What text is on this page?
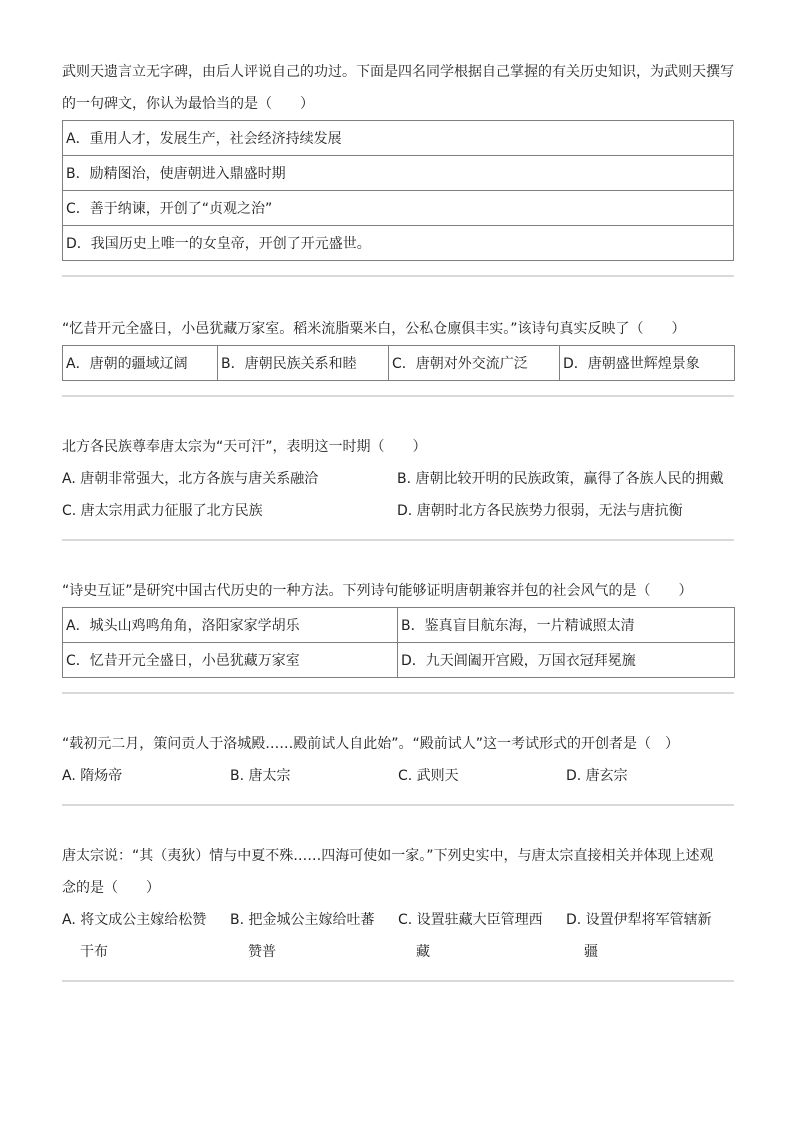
武则天遗言立无字碑，由后人评说自己的功过。下面是四名同学根据自己掌握的有关历史知识，为武则天撰写
的一句碑文，你认为最恰当的是（　　）

A．重用人才，发展生产，社会经济持续发展
B．励精图治，使唐朝进入鼎盛时期
C．善于纳谏，开创了“贞观之治”
D．我国历史上唯一的女皇帝，开创了开元盛世。

“忆昔开元全盛日，小邑犹藏万家室。稻米流脂粟米白，公私仓廪俱丰实。”该诗句真实反映了（　　）

A．唐朝的疆域辽阔	B．唐朝民族关系和睦	C．唐朝对外交流广泛	D．唐朝盛世辉煌景象

北方各民族尊奉唐太宗为“天可汗”，表明这一时期（　　）

A. 唐朝非常强大，北方各族与唐关系融洽	B. 唐朝比较开明的民族政策，赢得了各族人民的拥戴
C. 唐太宗用武力征服了北方民族	D. 唐朝时北方各民族势力很弱，无法与唐抗衡

“诗史互证”是研究中国古代历史的一种方法。下列诗句能够证明唐朝兼容并包的社会风气的是（　　）

A．城头山鸡鸣角角，洛阳家家学胡乐	B．鉴真盲目航东海，一片精诚照太清
C．忆昔开元全盛日，小邑犹藏万家室	D．九天阊阖开宫殿，万国衣冠拜冕旒

“载初元二月，策问贡人于洛城殿……殿前试人自此始”。“殿前试人”这一考试形式的开创者是（　）

A. 隋炀帝	B. 唐太宗	C. 武则天	D. 唐玄宗

唐太宗说：“其（夷狄）情与中夏不殊……四海可使如一家。”下列史实中，与唐太宗直接相关并体现上述观
念的是（　　）

A. 将文成公主嫁给松赞
干布
B. 把金城公主嫁给吐蕃
赞普
C. 设置驻藏大臣管理西
藏
D. 设置伊犁将军管辖新
疆
